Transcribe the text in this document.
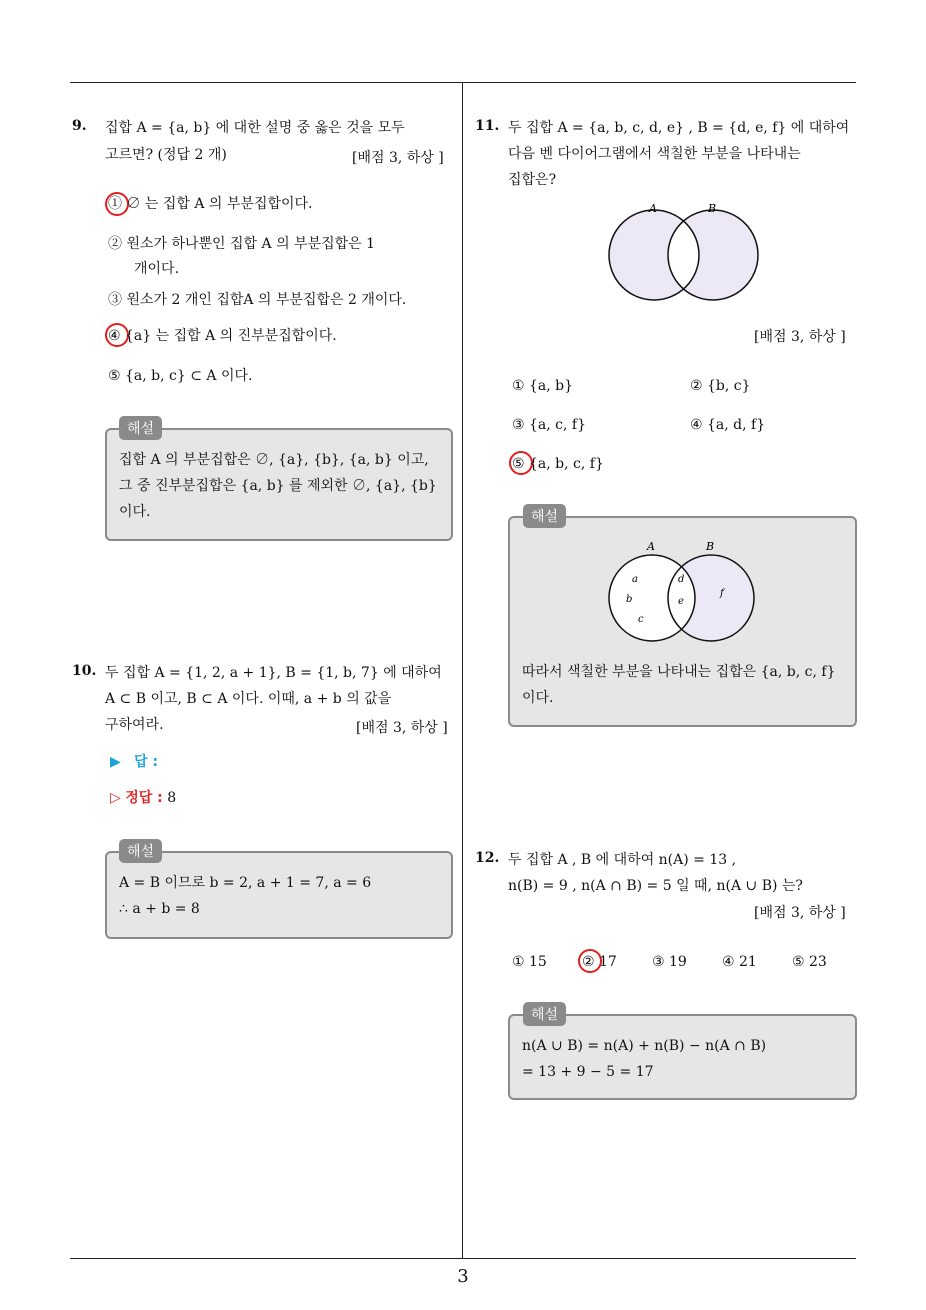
9. 집합 A = {a, b} 에 대한 설명 중 옳은 것을 모두
고르면? (정답 2 개)	[배점 3, 하상 ]
① ∅ 는 집합 A 의 부분집합이다.
② 원소가 하나뿐인 집합 A 의 부분집합은 1
개이다.
③ 원소가 2 개인 집합A 의 부분집합은 2 개이다.
④ {a} 는 집합 A 의 진부분집합이다.
⑤ {a, b, c} ⊂ A 이다.
집합 A 의 부분집합은 ∅, {a}, {b}, {a, b} 이고,
그 중 진부분집합은 {a, b} 를 제외한 ∅, {a}, {b}
이다.
해설
10. 두 집합 A = {1, 2, a + 1}, B = {1, b, 7} 에 대하여
A ⊂ B 이고, B ⊂ A 이다. 이때, a + b 의 값을
구하여라.	[배점 3, 하상 ]
▶ 답 :
▷ 정답 : 8
A = B 이므로 b = 2, a + 1 = 7, a = 6
∴ a + b = 8
해설
11. 두 집합 A = {a, b, c, d, e} , B = {d, e, f} 에 대하여
다음 벤 다이어그램에서 색칠한 부분을 나타내는
집합은?
A	B
[배점 3, 하상 ]
① {a, b}	② {b, c}
③ {a, c, f}	④ {a, d, f}
⑤ {a, b, c, f}
A	B
a
b
c
d
e
f
따라서 색칠한 부분을 나타내는 집합은 {a, b, c, f}
이다.
해설
12. 두 집합 A , B 에 대하여 n(A) = 13 ,
n(B) = 9 , n(A ∩ B) = 5 일 때, n(A ∪ B) 는?
[배점 3, 하상 ]
① 15	② 17	③ 19	④ 21	⑤ 23
n(A ∪ B) = n(A) + n(B) − n(A ∩ B)
= 13 + 9 − 5 = 17
해설
3
